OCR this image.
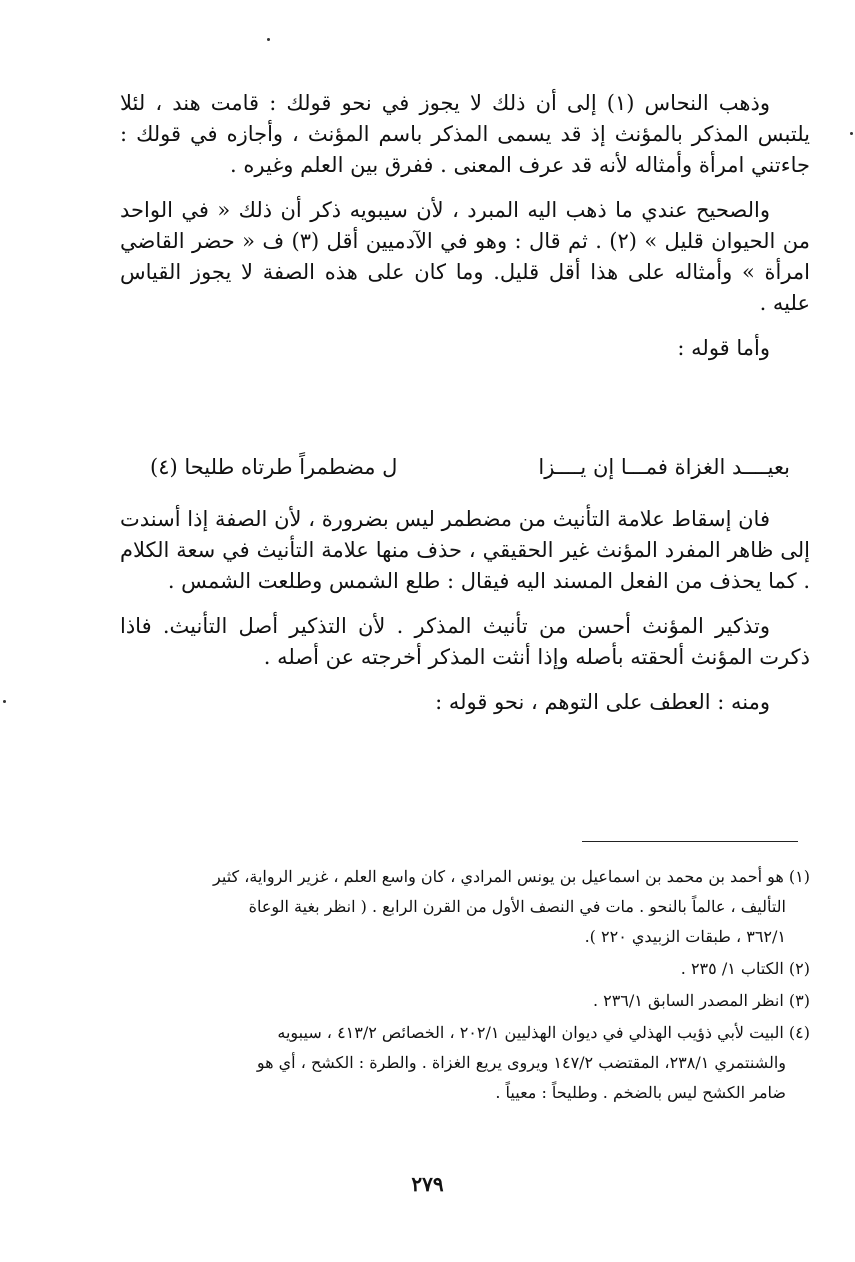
وذهب النحاس (١) إلى أن ذلك لا يجوز في نحو قولك : قامت هند ، لئلا يلتبس المذكر بالمؤنث إذ قد يسمى المذكر باسم المؤنث ، وأجازه في قولك : جاءتني امرأة وأمثاله لأنه قد عرف المعنى . ففرق بين العلم وغيره .

والصحيح عندي ما ذهب اليه المبرد ، لأن سيبويه ذكر أن ذلك « في الواحد من الحيوان قليل » (٢) . ثم قال : وهو في الآدميين أقل (٣) ف « حضر القاضي امرأة » وأمثاله على هذا أقل قليل. وما كان على هذه الصفة لا يجوز القياس عليه .

وأما قوله :

بعيــــد الغزاة فمـــا إن يــــزا
ل مضطمراً طرتاه طليحا (٤)

فان إسقاط علامة التأنيث من مضطمر ليس بضرورة ، لأن الصفة إذا أسندت إلى ظاهر المفرد المؤنث غير الحقيقي ، حذف منها علامة التأنيث في سعة الكلام . كما يحذف من الفعل المسند اليه فيقال : طلع الشمس وطلعت الشمس .

وتذكير المؤنث أحسن من تأنيث المذكر . لأن التذكير أصل التأنيث. فاذا ذكرت المؤنث ألحقته بأصله وإذا أنثت المذكر أخرجته عن أصله .

ومنه : العطف على التوهم ، نحو قوله :

(١) هو أحمد بن محمد بن اسماعيل بن يونس المرادي ، كان واسع العلم ، غزير الرواية، كثير
التأليف ، عالماً بالنحو . مات في النصف الأول من القرن الرابع . ( انظر بغية الوعاة
٣٦٢/١ ، طبقات الزبيدي ٢٢٠ ).

(٢) الكتاب ١/ ٢٣٥ .

(٣) انظر المصدر السابق ٢٣٦/١ .

(٤) البيت لأبي ذؤيب الهذلي في ديوان الهذليين ٢٠٢/١ ، الخصائص ٤١٣/٢ ، سيبويه
والشنتمري ٢٣٨/١، المقتضب ١٤٧/٢ ويروى يريع الغزاة . والطرة : الكشح ، أي هو
ضامر الكشح ليس بالضخم . وطليحاً : معيياً .

٢٧٩
